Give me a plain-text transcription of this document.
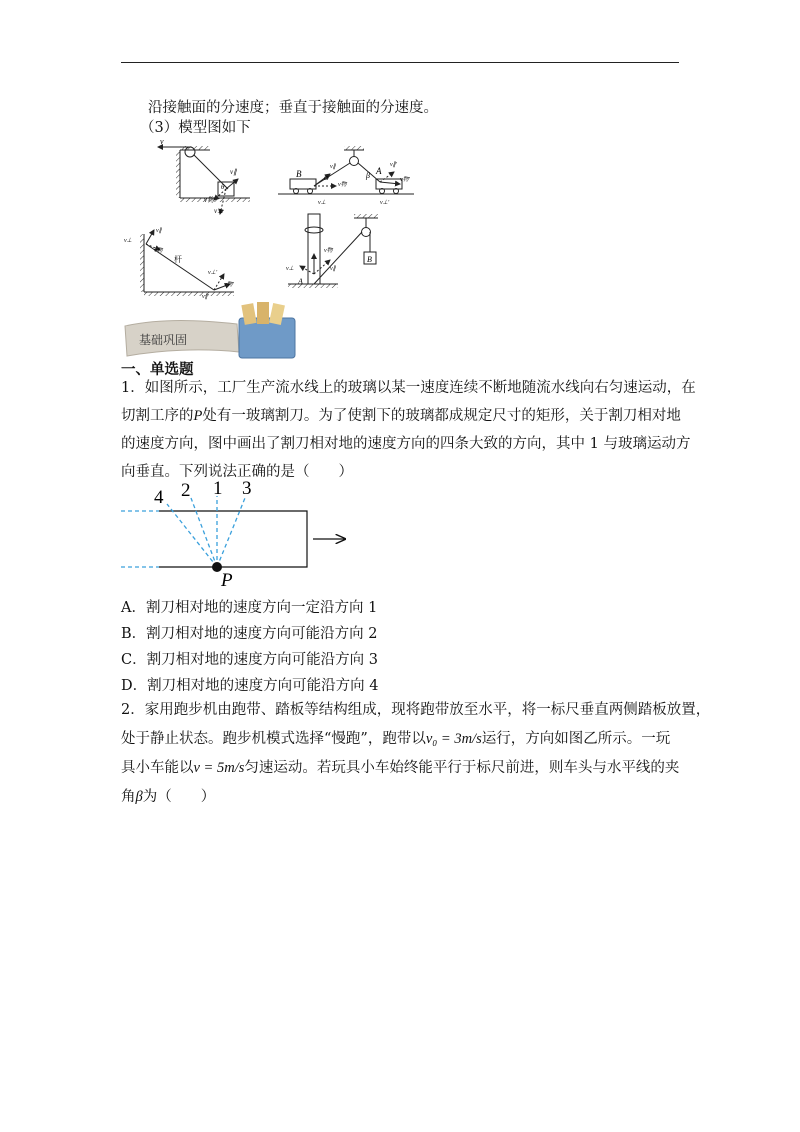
沿接触面的分速度；垂直于接触面的分速度。
（3）模型图如下
v
v∥
v物
v⊥
θ
B	A
α	β
v物
v物′
v∥	v∥′
v⊥	v⊥′
杆
v∥
v物
v⊥
v⊥′
v物′
v∥′
B
A
v物
v∥
v⊥
基础巩固
一、单选题

1．如图所示，工厂生产流水线上的玻璃以某一速度连续不断地随流水线向右匀速运动，在

切割工序的P处有一玻璃割刀。为了使割下的玻璃都成规定尺寸的矩形，关于割刀相对地

的速度方向，图中画出了割刀相对地的速度方向的四条大致的方向，其中 1 与玻璃运动方

向垂直。下列说法正确的是（　　）

1
2	3
4
P
A．割刀相对地的速度方向一定沿方向 1
B．割刀相对地的速度方向可能沿方向 2
C．割刀相对地的速度方向可能沿方向 3
D．割刀相对地的速度方向可能沿方向 4

2．家用跑步机由跑带、踏板等结构组成，现将跑带放至水平，将一标尺垂直两侧踏板放置，

处于静止状态。跑步机模式选择“慢跑”，跑带以v₀ = 3m/s运行，方向如图乙所示。一玩

具小车能以v = 5m/s匀速运动。若玩具小车始终能平行于标尺前进，则车头与水平线的夹

角β为（　　）
